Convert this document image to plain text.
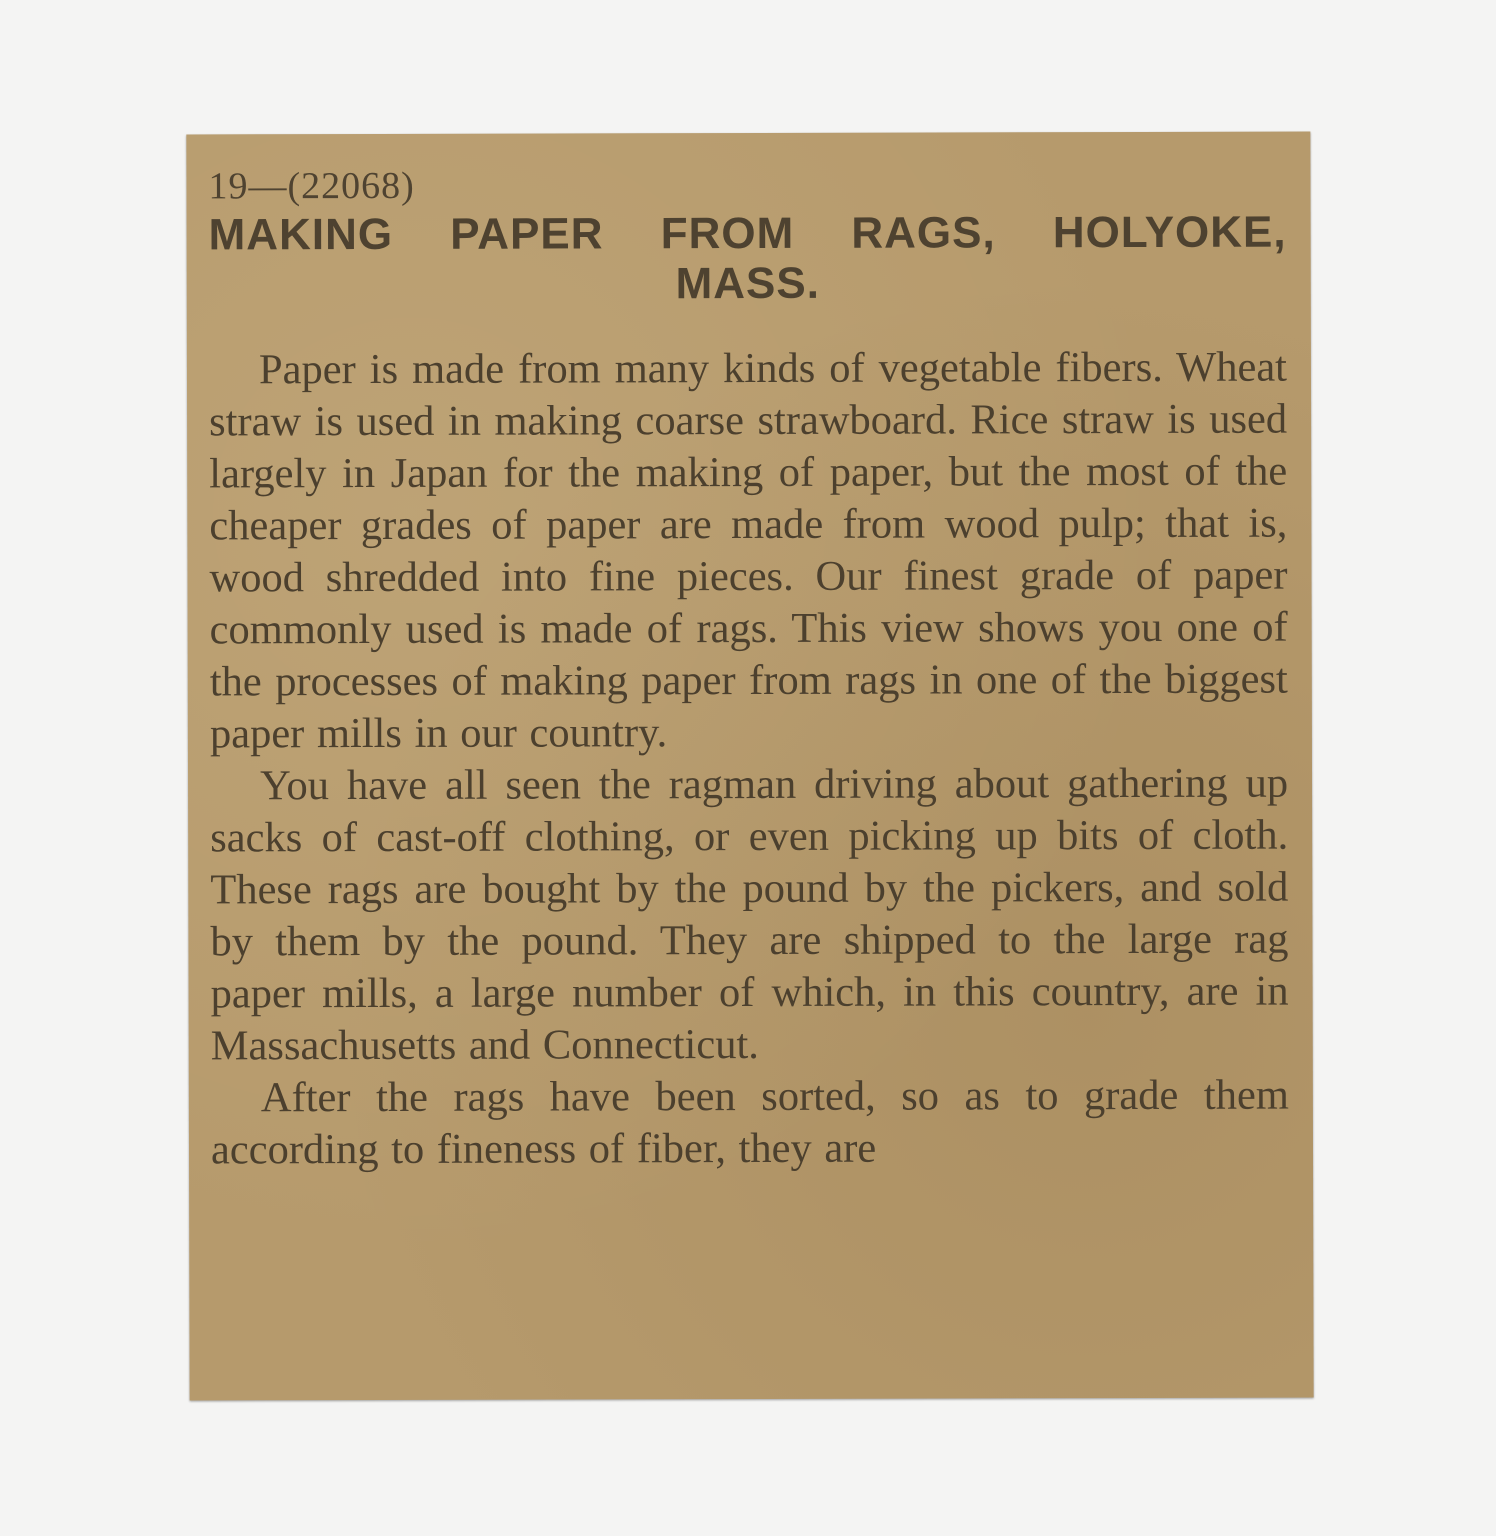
19—(22068)
MAKING PAPER FROM RAGS, HOLYOKE, MASS.

Paper is made from many kinds of vegetable fibers. Wheat straw is used in making coarse strawboard. Rice straw is used largely in Japan for the making of paper, but the most of the cheaper grades of paper are made from wood pulp; that is, wood shredded into fine pieces. Our finest grade of paper commonly used is made of rags. This view shows you one of the processes of making paper from rags in one of the biggest paper mills in our country.

You have all seen the ragman driving about gathering up sacks of cast-off clothing, or even picking up bits of cloth. These rags are bought by the pound by the pickers, and sold by them by the pound. They are shipped to the large rag paper mills, a large number of which, in this country, are in Massachusetts and Connecticut.

After the rags have been sorted, so as to grade them according to fineness of fiber, they are
